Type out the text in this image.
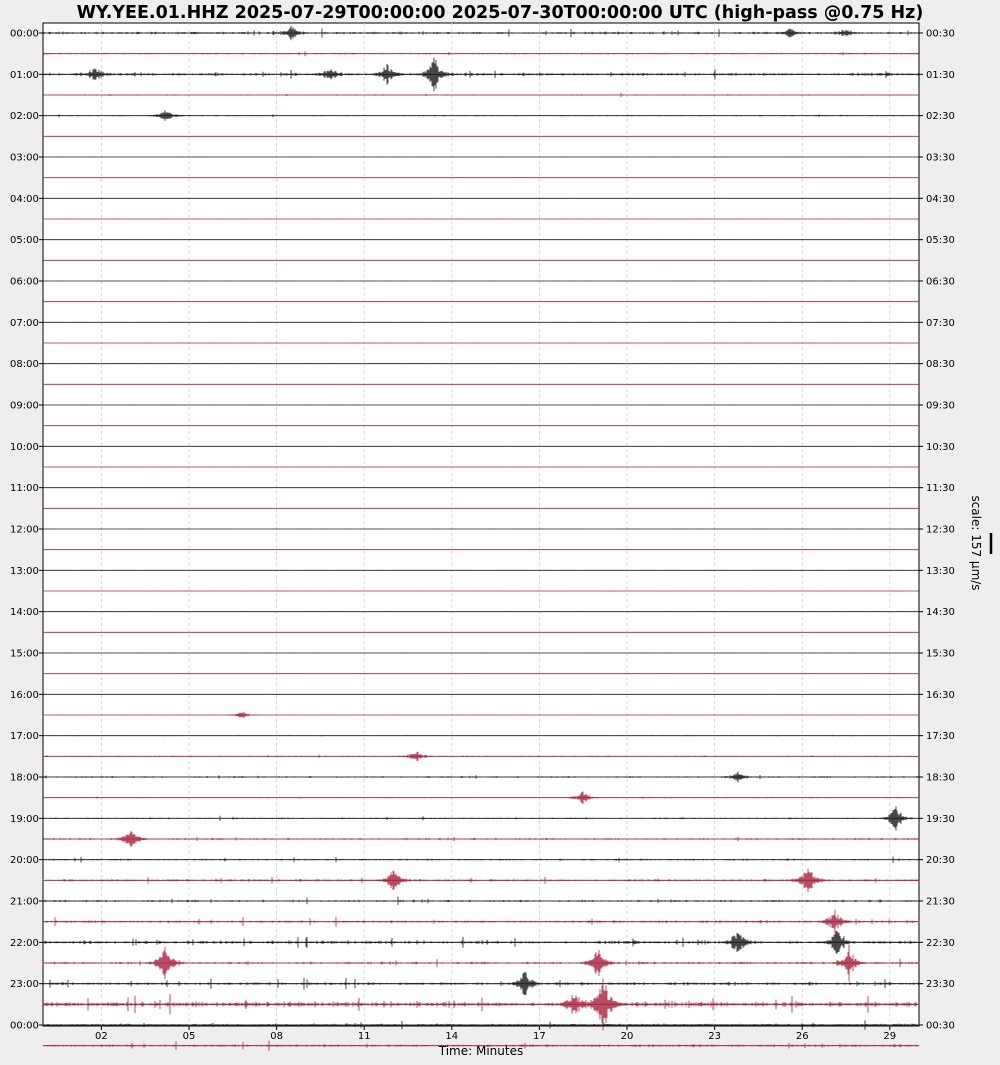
WY.YEE.01.HHZ 2025-07-29T00:00:00 2025-07-30T00:00:00 UTC (high-pass @0.75 Hz)
00:00
01:00
02:00
03:00
04:00
05:00
06:00
07:00
08:00
09:00
10:00
11:00
12:00
13:00
14:00
15:00
16:00
17:00
18:00
19:00
20:00
21:00
22:00
23:00
00:00
00:30
01:30
02:30
03:30
04:30
05:30
06:30
07:30
08:30
09:30
10:30
11:30
12:30
13:30
14:30
15:30
16:30
17:30
18:30
19:30
20:30
21:30
22:30
23:30
00:30
02	05	08	11	14	17	20	23	26	29
Time: Minutes
scale: 157 μm/s
